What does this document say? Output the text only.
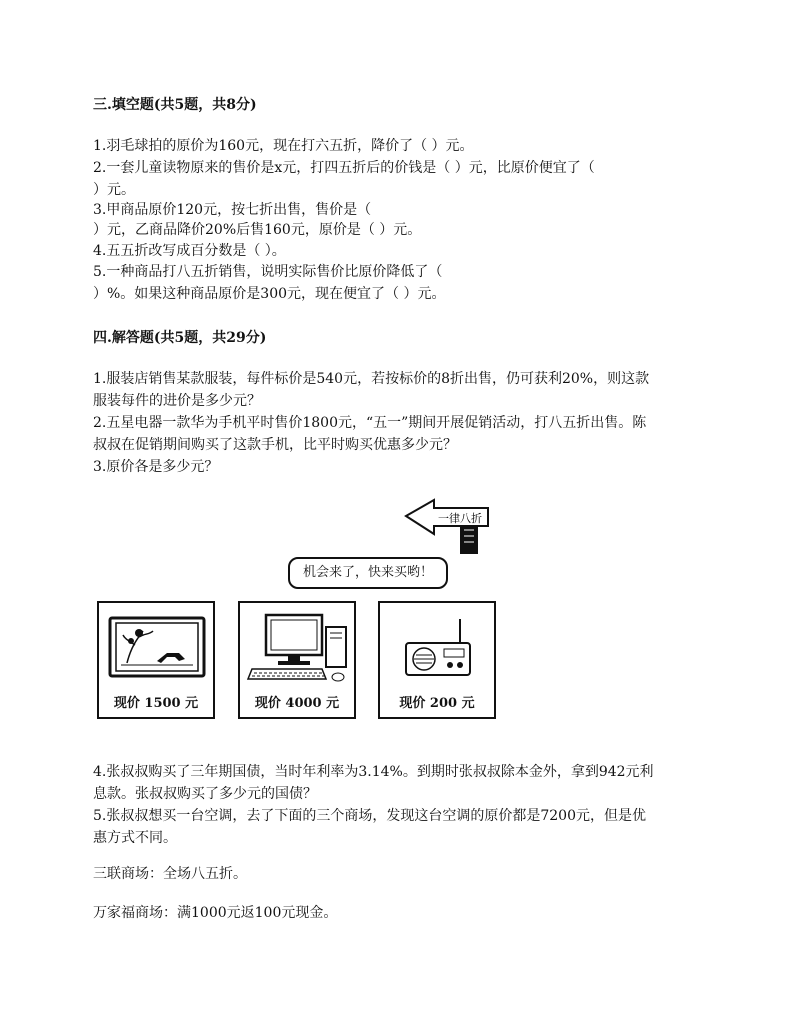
三.填空题(共5题，共8分)
1.羽毛球拍的原价为160元，现在打六五折，降价了（ ）元。
2.一套儿童读物原来的售价是x元，打四五折后的价钱是（ ）元，比原价便宜了（
）元。
3.甲商品原价120元，按七折出售，售价是（
）元，乙商品降价20%后售160元，原价是（ ）元。
4.五五折改写成百分数是（ ）。
5.一种商品打八五折销售，说明实际售价比原价降低了（
）%。如果这种商品原价是300元，现在便宜了（ ）元。
四.解答题(共5题，共29分)
1.服装店销售某款服装，每件标价是540元，若按标价的8折出售，仍可获利20%，则这款
服装每件的进价是多少元？
2.五星电器一款华为手机平时售价1800元，“五一”期间开展促销活动，打八五折出售。陈
叔叔在促销期间购买了这款手机，比平时购买优惠多少元？
3.原价各是多少元？
一律八折
机会来了，快来买哟！
现价 1500 元	现价 4000 元	现价 200 元
4.张叔叔购买了三年期国债，当时年利率为3.14%。到期时张叔叔除本金外，拿到942元利
息款。张叔叔购买了多少元的国债？
5.张叔叔想买一台空调，去了下面的三个商场，发现这台空调的原价都是7200元，但是优
惠方式不同。
三联商场：全场八五折。
万家福商场：满1000元返100元现金。
